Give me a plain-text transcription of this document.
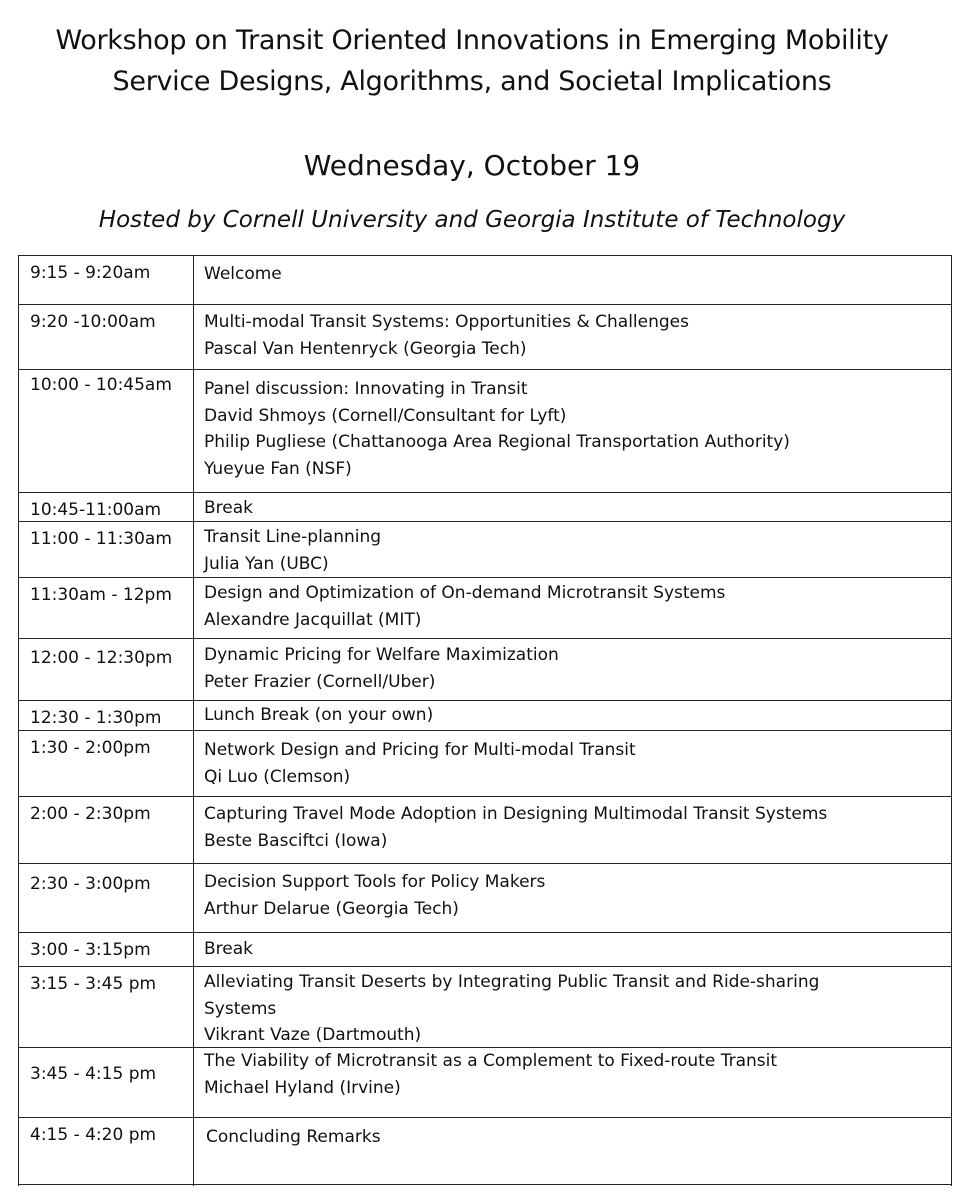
Workshop on Transit Oriented Innovations in Emerging Mobility
Service Designs, Algorithms, and Societal Implications
Wednesday, October 19
Hosted by Cornell University and Georgia Institute of Technology
9:15 - 9:20am	Welcome
9:20 -10:00am	Multi-modal Transit Systems: Opportunities & Challenges
Pascal Van Hentenryck (Georgia Tech)
10:00 - 10:45am Panel discussion: Innovating in Transit
David Shmoys (Cornell/Consultant for Lyft)
Philip Pugliese (Chattanooga Area Regional Transportation Authority)
Yueyue Fan (NSF)
10:45-11:00am	Break
11:00 - 11:30am Transit Line-planning
Julia Yan (UBC)
11:30am - 12pm Design and Optimization of On-demand Microtransit Systems
Alexandre Jacquillat (MIT)
12:00 - 12:30pm Dynamic Pricing for Welfare Maximization
Peter Frazier (Cornell/Uber)
12:30 - 1:30pm	Lunch Break (on your own)
1:30 - 2:00pm	Network Design and Pricing for Multi-modal Transit
Qi Luo (Clemson)
2:00 - 2:30pm	Capturing Travel Mode Adoption in Designing Multimodal Transit Systems
Beste Basciftci (Iowa)
2:30 - 3:00pm	Decision Support Tools for Policy Makers
Arthur Delarue (Georgia Tech)
3:00 - 3:15pm	Break
3:15 - 3:45 pm	Alleviating Transit Deserts by Integrating Public Transit and Ride-sharing
Systems
Vikrant Vaze (Dartmouth)
3:45 - 4:15 pm
The Viability of Microtransit as a Complement to Fixed-route Transit
Michael Hyland (Irvine)
4:15 - 4:20 pm	Concluding Remarks
